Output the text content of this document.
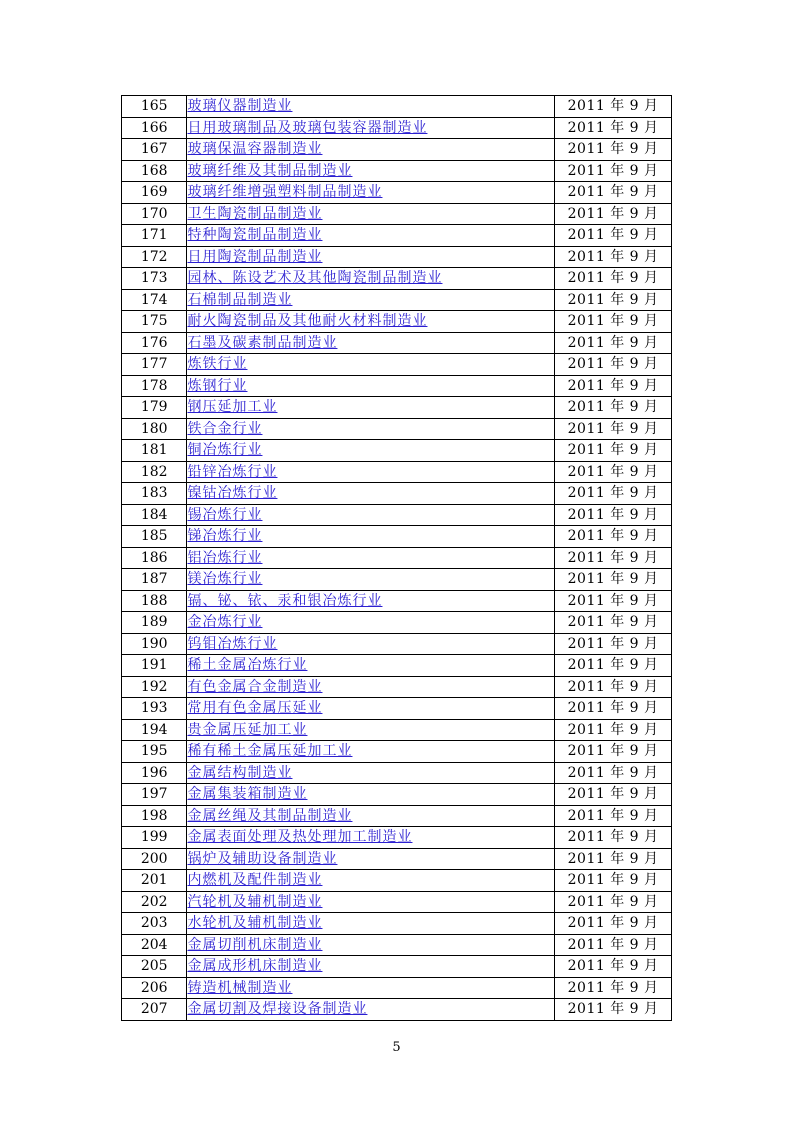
165	玻璃仪器制造业	2011 年 9 月
166	日用玻璃制品及玻璃包装容器制造业	2011 年 9 月
167	玻璃保温容器制造业	2011 年 9 月
168	玻璃纤维及其制品制造业	2011 年 9 月
169	玻璃纤维增强塑料制品制造业	2011 年 9 月
170	卫生陶瓷制品制造业	2011 年 9 月
171	特种陶瓷制品制造业	2011 年 9 月
172	日用陶瓷制品制造业	2011 年 9 月
173	园林、陈设艺术及其他陶瓷制品制造业	2011 年 9 月
174	石棉制品制造业	2011 年 9 月
175	耐火陶瓷制品及其他耐火材料制造业	2011 年 9 月
176	石墨及碳素制品制造业	2011 年 9 月
177	炼铁行业	2011 年 9 月
178	炼钢行业	2011 年 9 月
179	钢压延加工业	2011 年 9 月
180	铁合金行业	2011 年 9 月
181	铜冶炼行业	2011 年 9 月
182	铅锌冶炼行业	2011 年 9 月
183	镍钴冶炼行业	2011 年 9 月
184	锡冶炼行业	2011 年 9 月
185	锑冶炼行业	2011 年 9 月
186	铝冶炼行业	2011 年 9 月
187	镁冶炼行业	2011 年 9 月
188	镉、铋、铱、汞和银冶炼行业	2011 年 9 月
189	金冶炼行业	2011 年 9 月
190	钨钼冶炼行业	2011 年 9 月
191	稀土金属冶炼行业	2011 年 9 月
192	有色金属合金制造业	2011 年 9 月
193	常用有色金属压延业	2011 年 9 月
194	贵金属压延加工业	2011 年 9 月
195	稀有稀土金属压延加工业	2011 年 9 月
196	金属结构制造业	2011 年 9 月
197	金属集装箱制造业	2011 年 9 月
198	金属丝绳及其制品制造业	2011 年 9 月
199	金属表面处理及热处理加工制造业	2011 年 9 月
200	锅炉及辅助设备制造业	2011 年 9 月
201	内燃机及配件制造业	2011 年 9 月
202	汽轮机及辅机制造业	2011 年 9 月
203	水轮机及辅机制造业	2011 年 9 月
204	金属切削机床制造业	2011 年 9 月
205	金属成形机床制造业	2011 年 9 月
206	铸造机械制造业	2011 年 9 月
207	金属切割及焊接设备制造业	2011 年 9 月
5
